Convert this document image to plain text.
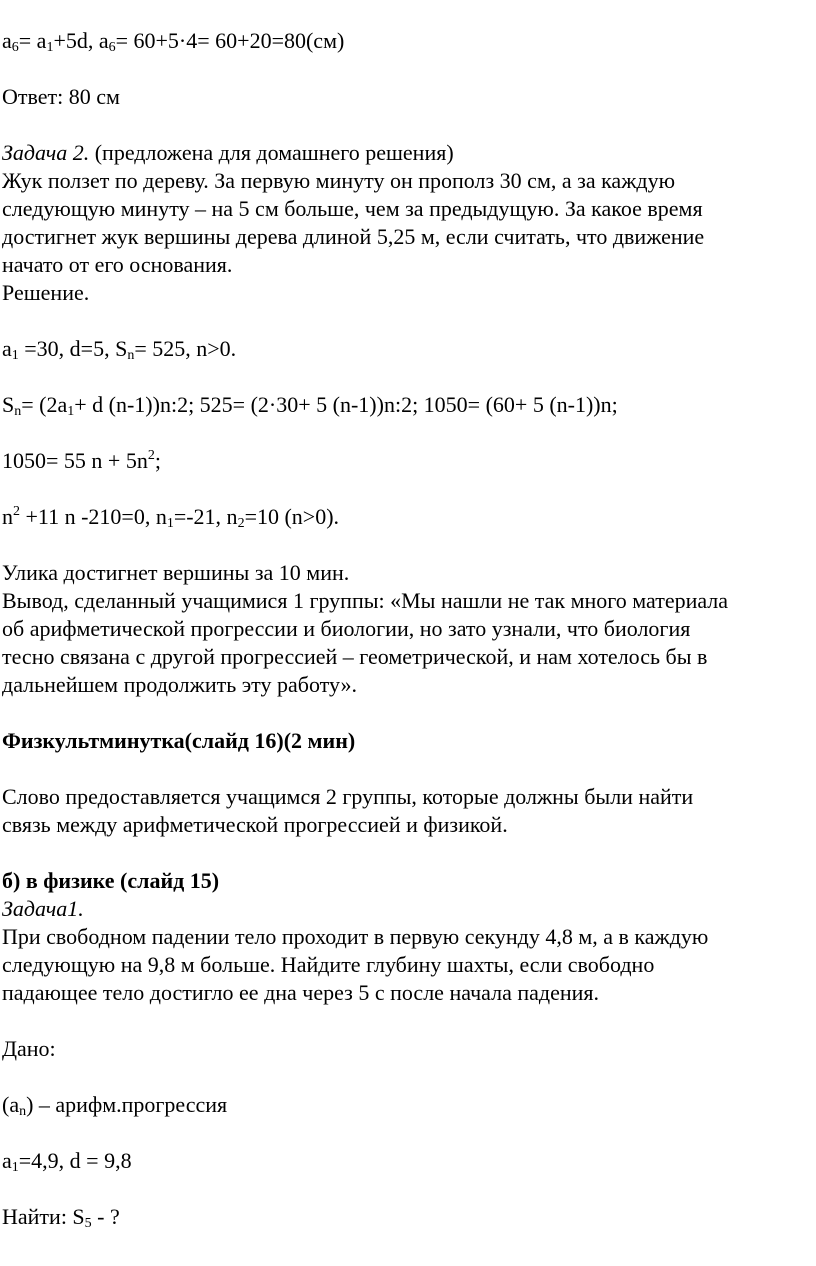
$a_6= a_1+5d$, $a_6= 60+5\cdot 4= 60+20=80(см)$

Ответ: 80 см

Задача 2. (предложена для домашнего решения)

Жук ползет по дереву. За первую минуту он прополз 30 см, а за каждую

следующую минуту – на 5 см больше, чем за предыдущую. За какое время

достигнет жук вершины дерева длиной 5,25 м, если считать, что движение

начато от его основания.

Решение.

$a_1 =30$, d=5, $S_n= 525$, n>0.

$S_n= (2a_1+ d$ (n-1))n:2; 525= (2·30+ 5 (n-1))n:2; 1050= (60+ 5 (n-1))n;

1050= 55 $n + 5n^2$;

$n^2 +11$ n -210=0, $n_1=-21$, $n_2=10$ (n>0).

Улика достигнет вершины за 10 мин.

Вывод, сделанный учащимися 1 группы: «Мы нашли не так много материала

об арифметической прогрессии и биологии, но зато узнали, что биология

тесно связана с другой прогрессией – геометрической, и нам хотелось бы в

дальнейшем продолжить эту работу».

Физкультминутка(слайд 16)(2 мин)

Слово предоставляется учащимся 2 группы, которые должны были найти

связь между арифметической прогрессией и физикой.

б) в физике (слайд 15)

Задача1.

При свободном падении тело проходит в первую секунду 4,8 м, а в каждую

следующую на 9,8 м больше. Найдите глубину шахты, если свободно

падающее тело достигло ее дна через 5 с после начала падения.

Дано:

$(a_n)$ – арифм.прогрессия

$a_1=4,9$, d = 9,8

Найти: $S_5$ - ?
